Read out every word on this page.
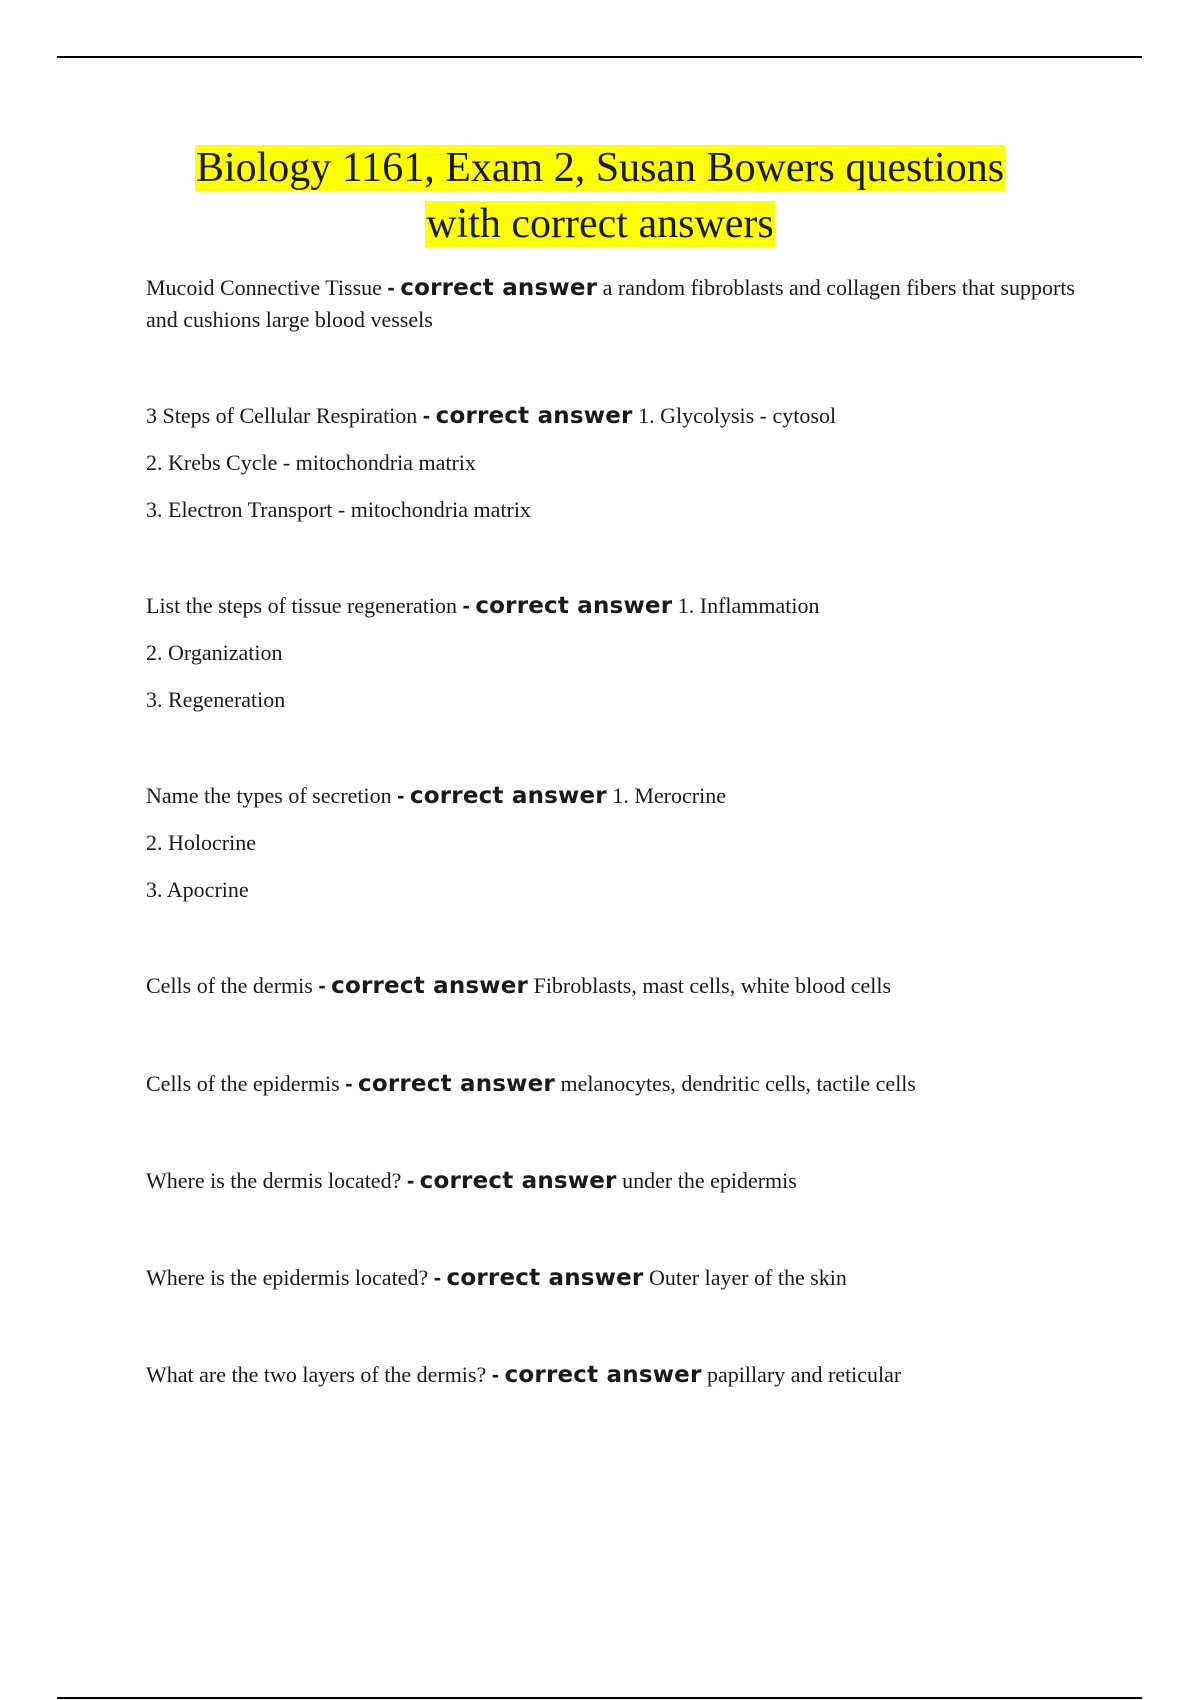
Biology 1161, Exam 2, Susan Bowers questions
with correct answers

Mucoid Connective Tissue - correct answer a random fibroblasts and collagen fibers that supports and cushions large blood vessels

3 Steps of Cellular Respiration - correct answer 1. Glycolysis - cytosol

2. Krebs Cycle - mitochondria matrix

3. Electron Transport - mitochondria matrix

List the steps of tissue regeneration - correct answer 1. Inflammation

2. Organization

3. Regeneration

Name the types of secretion - correct answer 1. Merocrine

2. Holocrine

3. Apocrine

Cells of the dermis - correct answer Fibroblasts, mast cells, white blood cells

Cells of the epidermis - correct answer melanocytes, dendritic cells, tactile cells

Where is the dermis located? - correct answer under the epidermis

Where is the epidermis located? - correct answer Outer layer of the skin

What are the two layers of the dermis? - correct answer papillary and reticular
